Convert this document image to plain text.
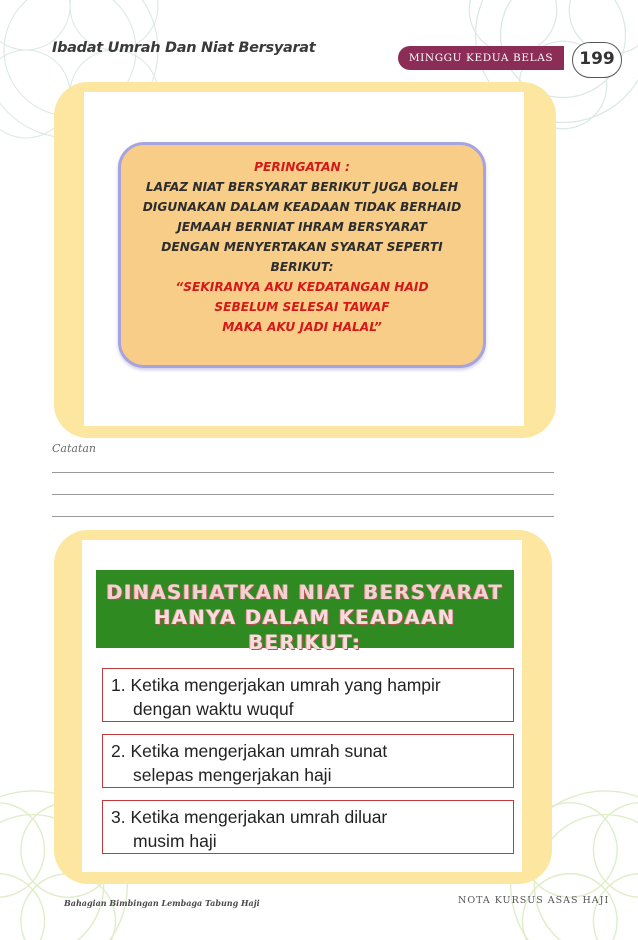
Ibadat Umrah Dan Niat Bersyarat
MINGGU KEDUA BELAS	199
PERINGATAN :
LAFAZ NIAT BERSYARAT BERIKUT JUGA BOLEH
DIGUNAKAN DALAM KEADAAN TIDAK BERHAID
JEMAAH BERNIAT IHRAM BERSYARAT
DENGAN MENYERTAKAN SYARAT SEPERTI
BERIKUT:
“SEKIRANYA AKU KEDATANGAN HAID
SEBELUM SELESAI TAWAF
MAKA AKU JADI HALAL”
Catatan
DINASIHATKAN NIAT BERSYARAT
HANYA DALAM KEADAAN BERIKUT:
1. Ketika mengerjakan umrah yang hampir
dengan waktu wuquf
2. Ketika mengerjakan umrah sunat
selepas mengerjakan haji
3. Ketika mengerjakan umrah diluar
musim haji
Bahagian Bimbingan Lembaga Tabung Haji	NOTA KURSUS ASAS HAJI
